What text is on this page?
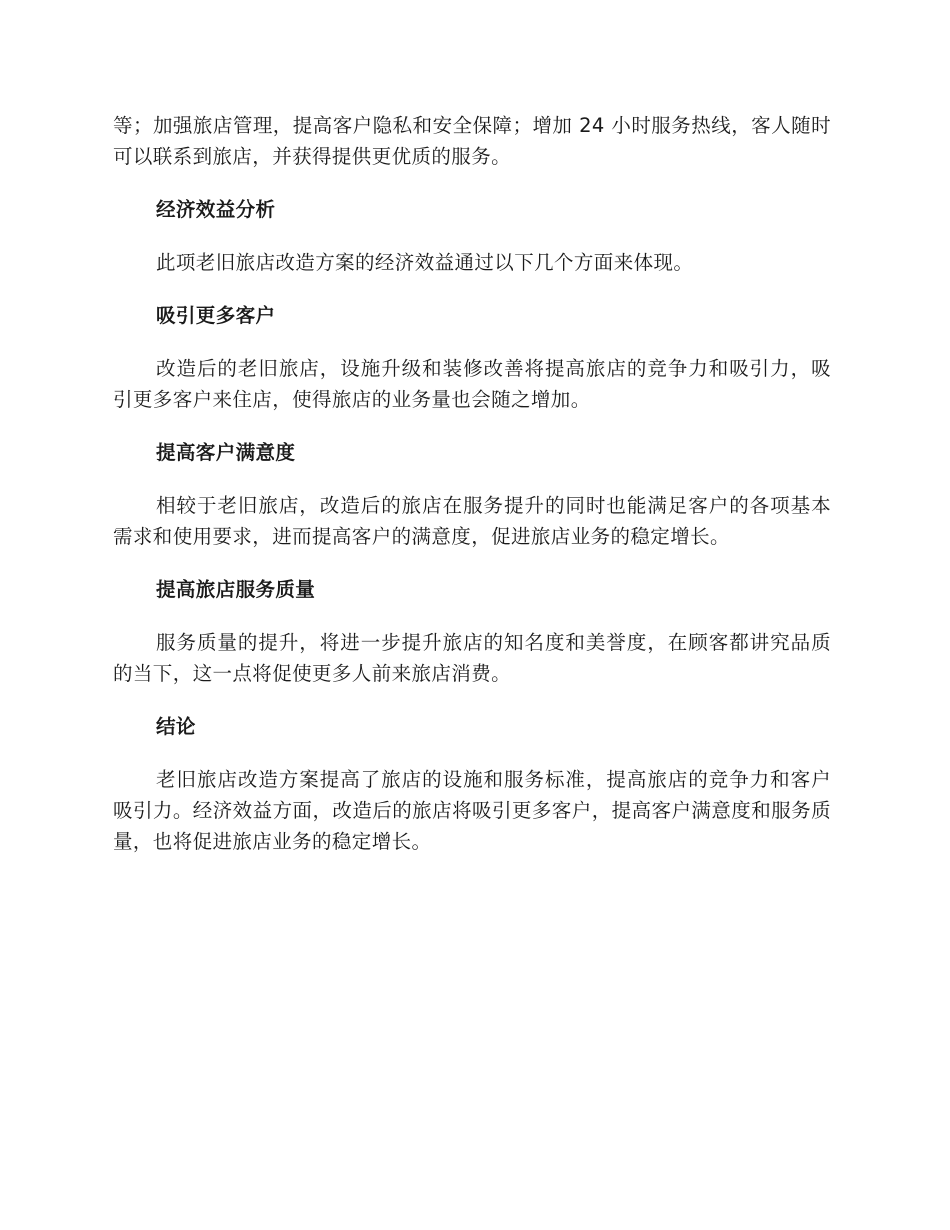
等；加强旅店管理，提高客户隐私和安全保障；增加 24 小时服务热线，客人随时可以联系到旅店，并获得提供更优质的服务。

经济效益分析

此项老旧旅店改造方案的经济效益通过以下几个方面来体现。

吸引更多客户

改造后的老旧旅店，设施升级和装修改善将提高旅店的竞争力和吸引力，吸引更多客户来住店，使得旅店的业务量也会随之增加。

提高客户满意度

相较于老旧旅店，改造后的旅店在服务提升的同时也能满足客户的各项基本需求和使用要求，进而提高客户的满意度，促进旅店业务的稳定增长。

提高旅店服务质量

服务质量的提升，将进一步提升旅店的知名度和美誉度，在顾客都讲究品质的当下，这一点将促使更多人前来旅店消费。

结论

老旧旅店改造方案提高了旅店的设施和服务标准，提高旅店的竞争力和客户吸引力。经济效益方面，改造后的旅店将吸引更多客户，提高客户满意度和服务质量，也将促进旅店业务的稳定增长。
